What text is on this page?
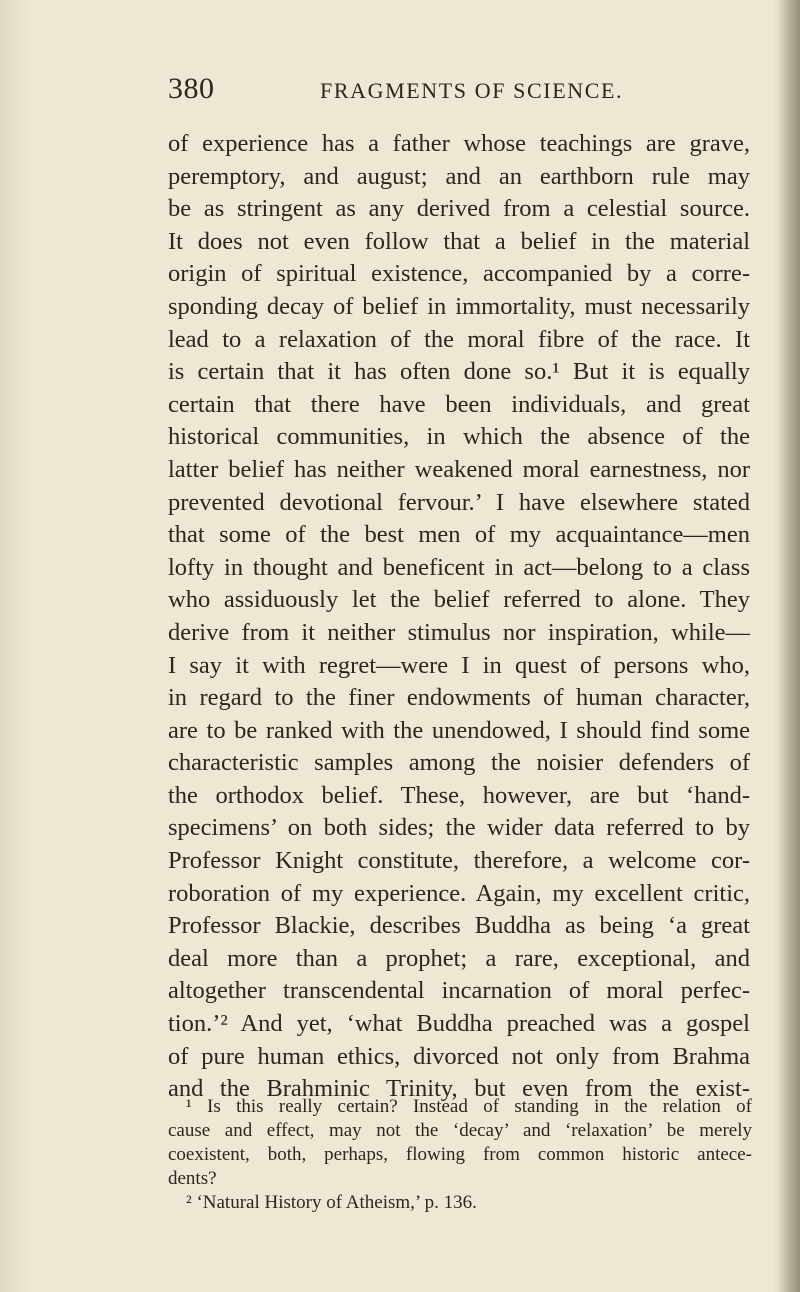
380	FRAGMENTS OF SCIENCE.
of experience has a father whose teachings are grave,
peremptory, and august; and an earthborn rule may
be as stringent as any derived from a celestial source.
It does not even follow that a belief in the material
origin of spiritual existence, accompanied by a corre-
sponding decay of belief in immortality, must necessarily
lead to a relaxation of the moral fibre of the race. It
is certain that it has often done so.¹ But it is equally
certain that there have been individuals, and great
historical communities, in which the absence of the
latter belief has neither weakened moral earnestness, nor
prevented devotional fervour.’ I have elsewhere stated
that some of the best men of my acquaintance—men
lofty in thought and beneficent in act—belong to a class
who assiduously let the belief referred to alone. They
derive from it neither stimulus nor inspiration, while—
I say it with regret—were I in quest of persons who,
in regard to the finer endowments of human character,
are to be ranked with the unendowed, I should find some
characteristic samples among the noisier defenders of
the orthodox belief. These, however, are but ‘hand-
specimens’ on both sides; the wider data referred to by
Professor Knight constitute, therefore, a welcome cor-
roboration of my experience. Again, my excellent critic,
Professor Blackie, describes Buddha as being ‘a great
deal more than a prophet; a rare, exceptional, and
altogether transcendental incarnation of moral perfec-
tion.’² And yet, ‘what Buddha preached was a gospel
of pure human ethics, divorced not only from Brahma
and the Brahminic Trinity, but even from the exist-
¹ Is this really certain? Instead of standing in the relation of
cause and effect, may not the ‘decay’ and ‘relaxation’ be merely
coexistent, both, perhaps, flowing from common historic antece-
dents?
² ‘Natural History of Atheism,’ p. 136.
